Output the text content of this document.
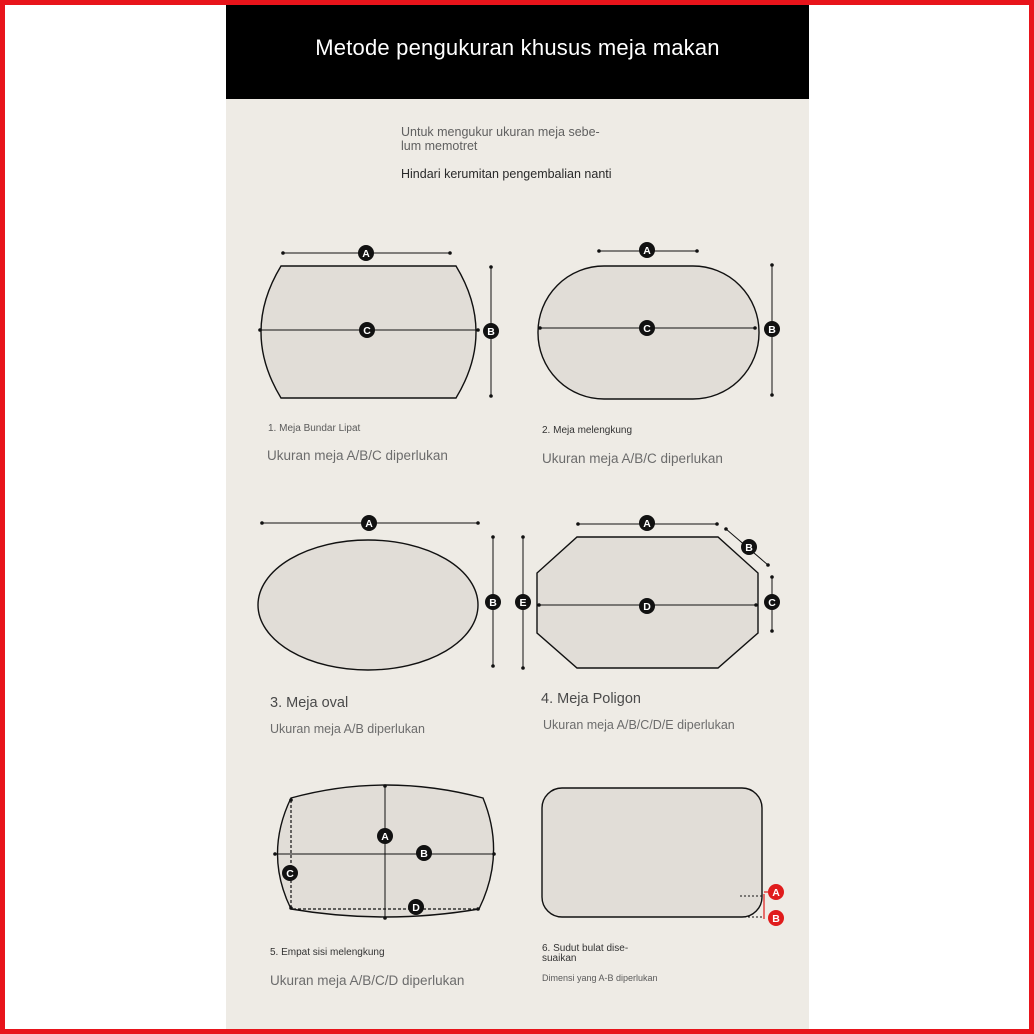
Metode pengukuran khusus meja makan
Untuk mengukur ukuran meja sebe-
lum memotret
Hindari kerumitan pengembalian nanti
A
C	B
A
C	B
A
B
A
B
C
D
E
A
B
C
D
A
B
1. Meja Bundar Lipat
Ukuran meja A/B/C diperlukan
2. Meja melengkung
Ukuran meja A/B/C diperlukan
3. Meja oval
Ukuran meja A/B diperlukan
4. Meja Poligon
Ukuran meja A/B/C/D/E diperlukan
5. Empat sisi melengkung
Ukuran meja A/B/C/D diperlukan
6. Sudut bulat dise-
suaikan
Dimensi yang A-B diperlukan
